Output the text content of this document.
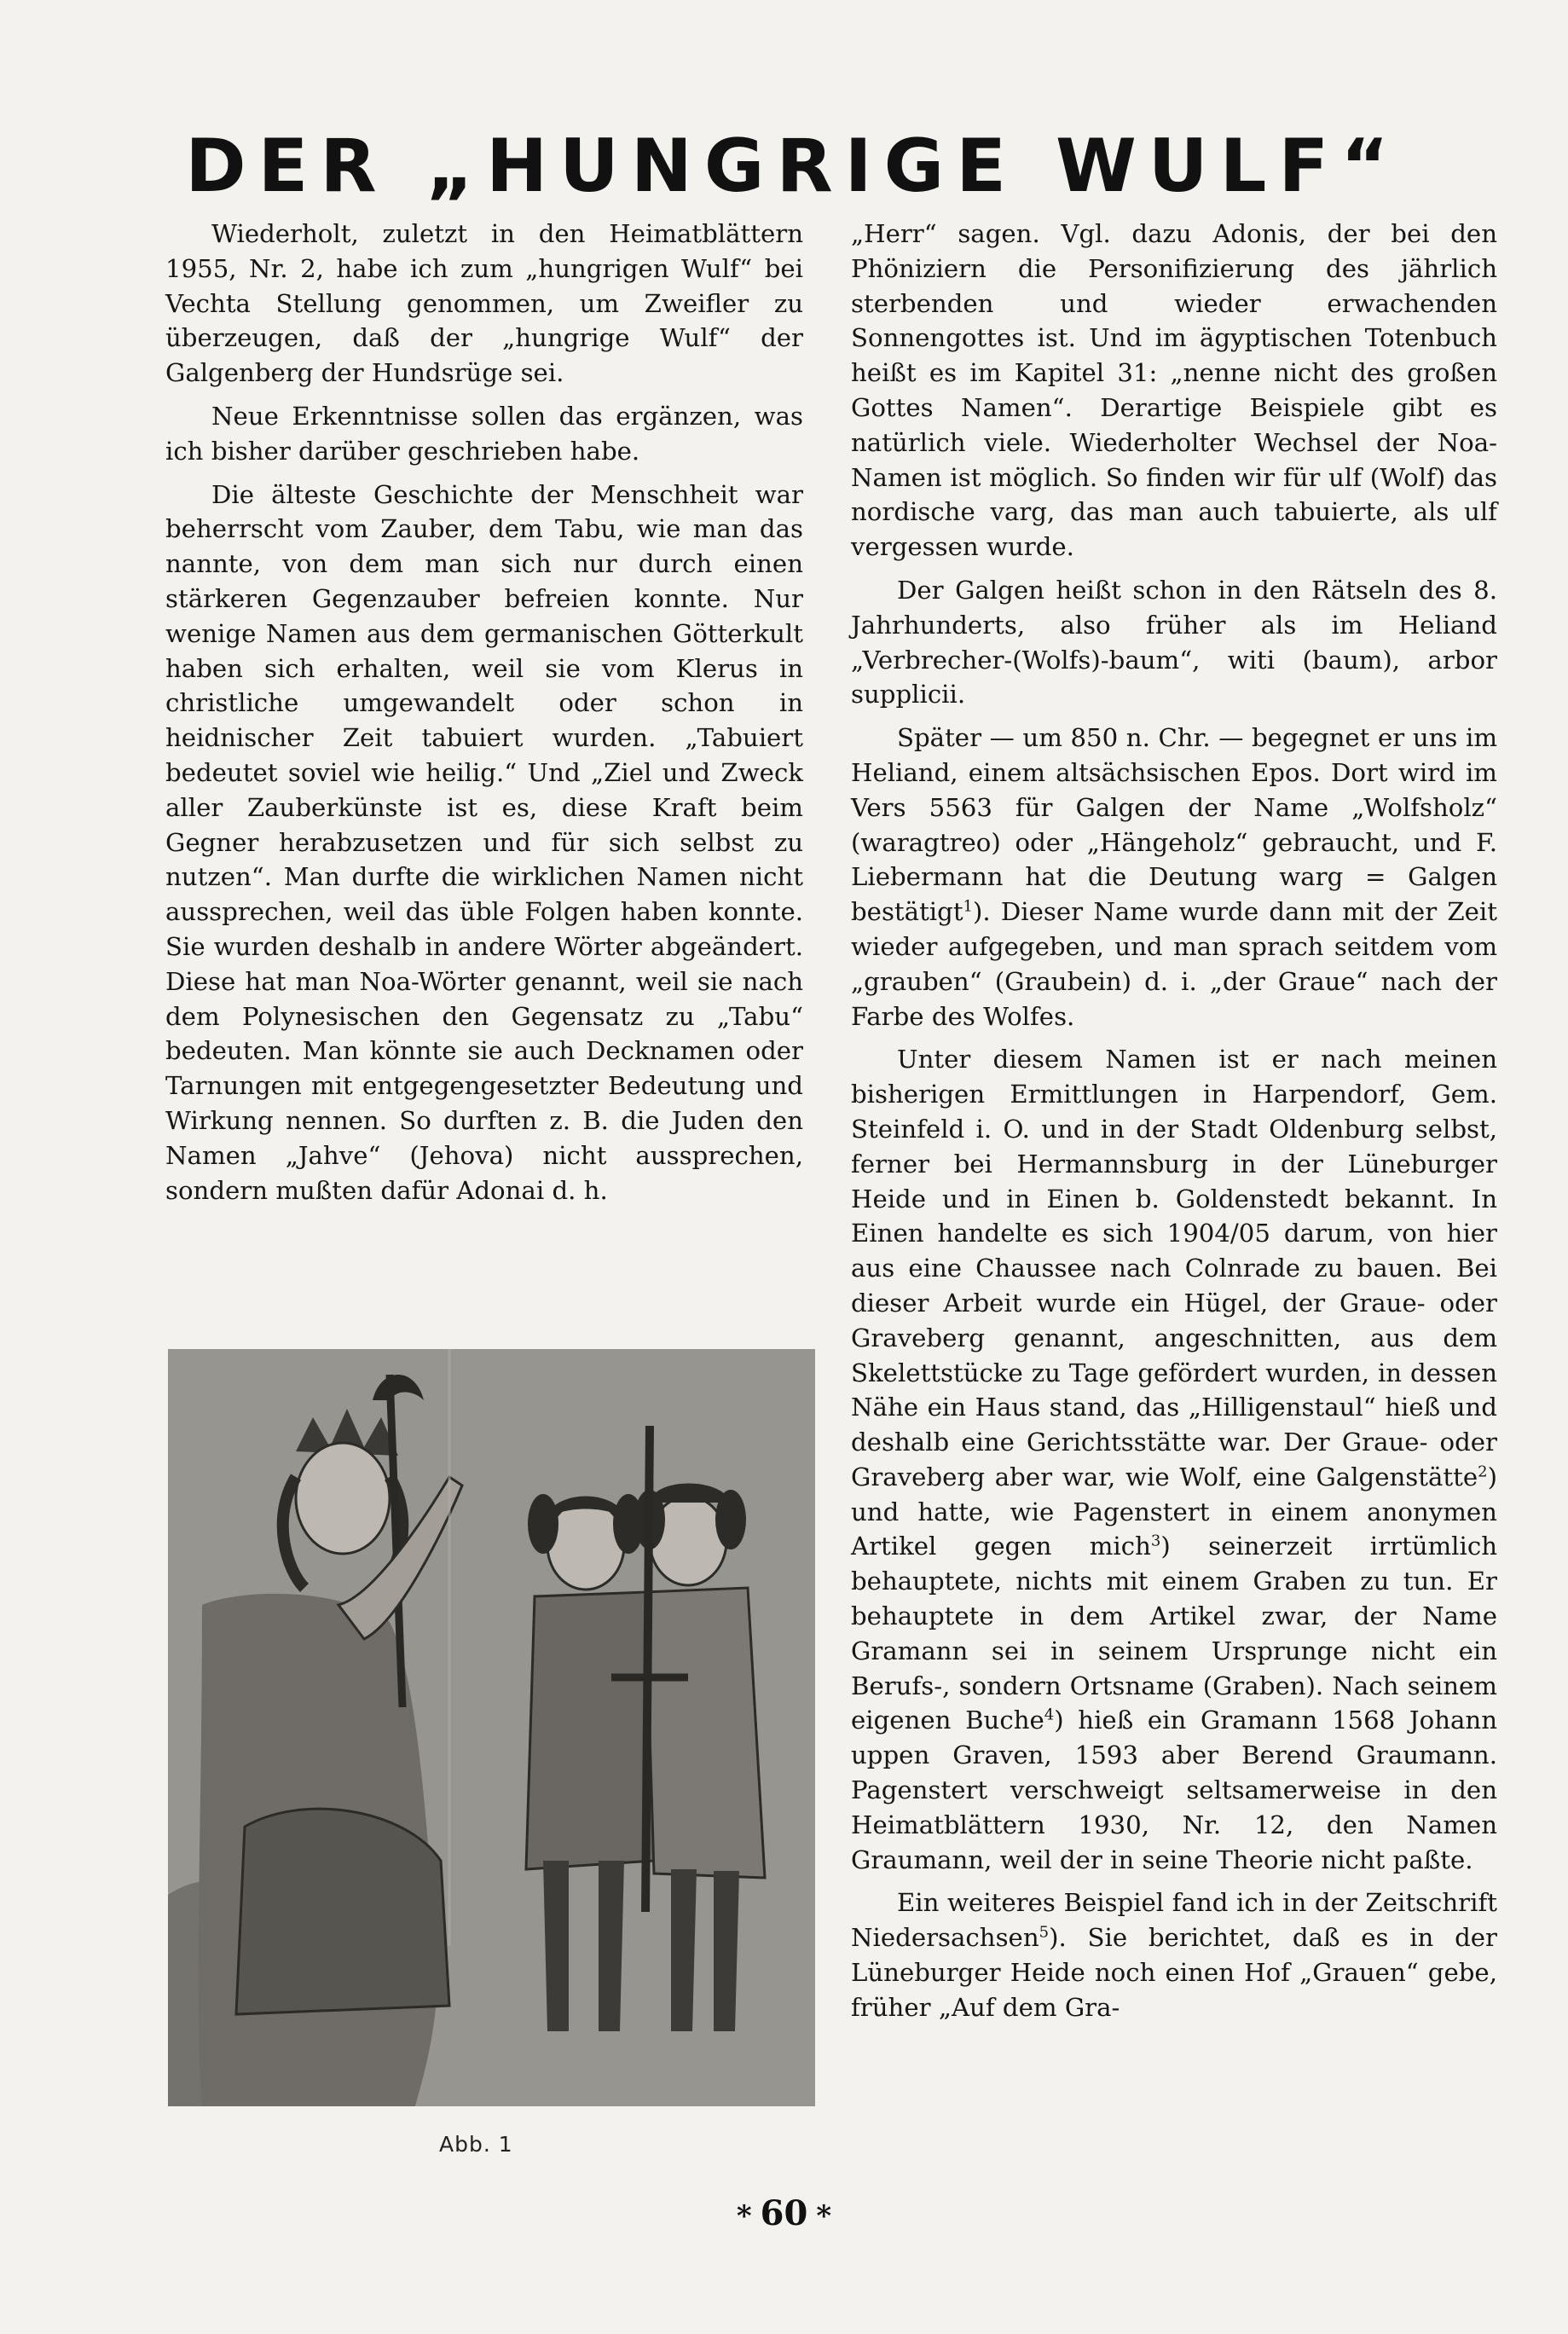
DER „HUNGRIGE WULF“

Wiederholt, zuletzt in den Heimatblättern 1955, Nr. 2, habe ich zum „hungrigen Wulf“ bei Vechta Stellung genommen, um Zweifler zu überzeugen, daß der „hungrige Wulf“ der Galgenberg der Hundsrüge sei.

Neue Erkenntnisse sollen das ergänzen, was ich bisher darüber geschrieben habe.

Die älteste Geschichte der Menschheit war beherrscht vom Zauber, dem Tabu, wie man das nannte, von dem man sich nur durch einen stärkeren Gegenzauber befreien konnte. Nur wenige Namen aus dem germanischen Götterkult haben sich erhalten, weil sie vom Klerus in christliche umgewandelt oder schon in heidnischer Zeit tabuiert wurden. „Tabuiert bedeutet soviel wie heilig.“ Und „Ziel und Zweck aller Zauberkünste ist es, diese Kraft beim Gegner herabzusetzen und für sich selbst zu nutzen“. Man durfte die wirklichen Namen nicht aussprechen, weil das üble Folgen haben konnte. Sie wurden deshalb in andere Wörter abgeändert. Diese hat man Noa-Wörter genannt, weil sie nach dem Polynesischen den Gegensatz zu „Tabu“ bedeuten. Man könnte sie auch Decknamen oder Tarnungen mit entgegengesetzter Bedeutung und Wirkung nennen. So durften z. B. die Juden den Namen „Jahve“ (Jehova) nicht aussprechen, sondern mußten dafür Adonai d. h.

Abb. 1

„Herr“ sagen. Vgl. dazu Adonis, der bei den Phöniziern die Personifizierung des jährlich sterbenden und wieder erwachenden Sonnengottes ist. Und im ägyptischen Totenbuch heißt es im Kapitel 31: „nenne nicht des großen Gottes Namen“. Derartige Beispiele gibt es natürlich viele. Wiederholter Wechsel der Noa-Namen ist möglich. So finden wir für ulf (Wolf) das nordische varg, das man auch tabuierte, als ulf vergessen wurde.

Der Galgen heißt schon in den Rätseln des 8. Jahrhunderts, also früher als im Heliand „Verbrecher-(Wolfs)-baum“, witi (baum), arbor supplicii.

Später — um 850 n. Chr. — begegnet er uns im Heliand, einem altsächsischen Epos. Dort wird im Vers 5563 für Galgen der Name „Wolfsholz“ (waragtreo) oder „Hängeholz“ gebraucht, und F. Liebermann hat die Deutung warg = Galgen bestätigt$^1$). Dieser Name wurde dann mit der Zeit wieder aufgegeben, und man sprach seitdem vom „grauben“ (Graubein) d. i. „der Graue“ nach der Farbe des Wolfes.

Unter diesem Namen ist er nach meinen bisherigen Ermittlungen in Harpendorf, Gem. Steinfeld i. O. und in der Stadt Oldenburg selbst, ferner bei Hermannsburg in der Lüneburger Heide und in Einen b. Goldenstedt bekannt. In Einen handelte es sich 1904/05 darum, von hier aus eine Chaussee nach Colnrade zu bauen. Bei dieser Arbeit wurde ein Hügel, der Graue- oder Graveberg genannt, angeschnitten, aus dem Skelettstücke zu Tage gefördert wurden, in dessen Nähe ein Haus stand, das „Hilligenstaul“ hieß und deshalb eine Gerichtsstätte war. Der Graue- oder Graveberg aber war, wie Wolf, eine Galgenstätte$^2$) und hatte, wie Pagenstert in einem anonymen Artikel gegen mich$^3$) seinerzeit irrtümlich behauptete, nichts mit einem Graben zu tun. Er behauptete in dem Artikel zwar, der Name Gramann sei in seinem Ursprunge nicht ein Berufs-, sondern Ortsname (Graben). Nach seinem eigenen Buche$^4$) hieß ein Gramann 1568 Johann uppen Graven, 1593 aber Berend Graumann. Pagenstert verschweigt seltsamerweise in den Heimatblättern 1930, Nr. 12, den Namen Graumann, weil der in seine Theorie nicht paßte.

Ein weiteres Beispiel fand ich in der Zeitschrift Niedersachsen$^5$). Sie berichtet, daß es in der Lüneburger Heide noch einen Hof „Grauen“ gebe, früher „Auf dem Gra-

* 60 *
